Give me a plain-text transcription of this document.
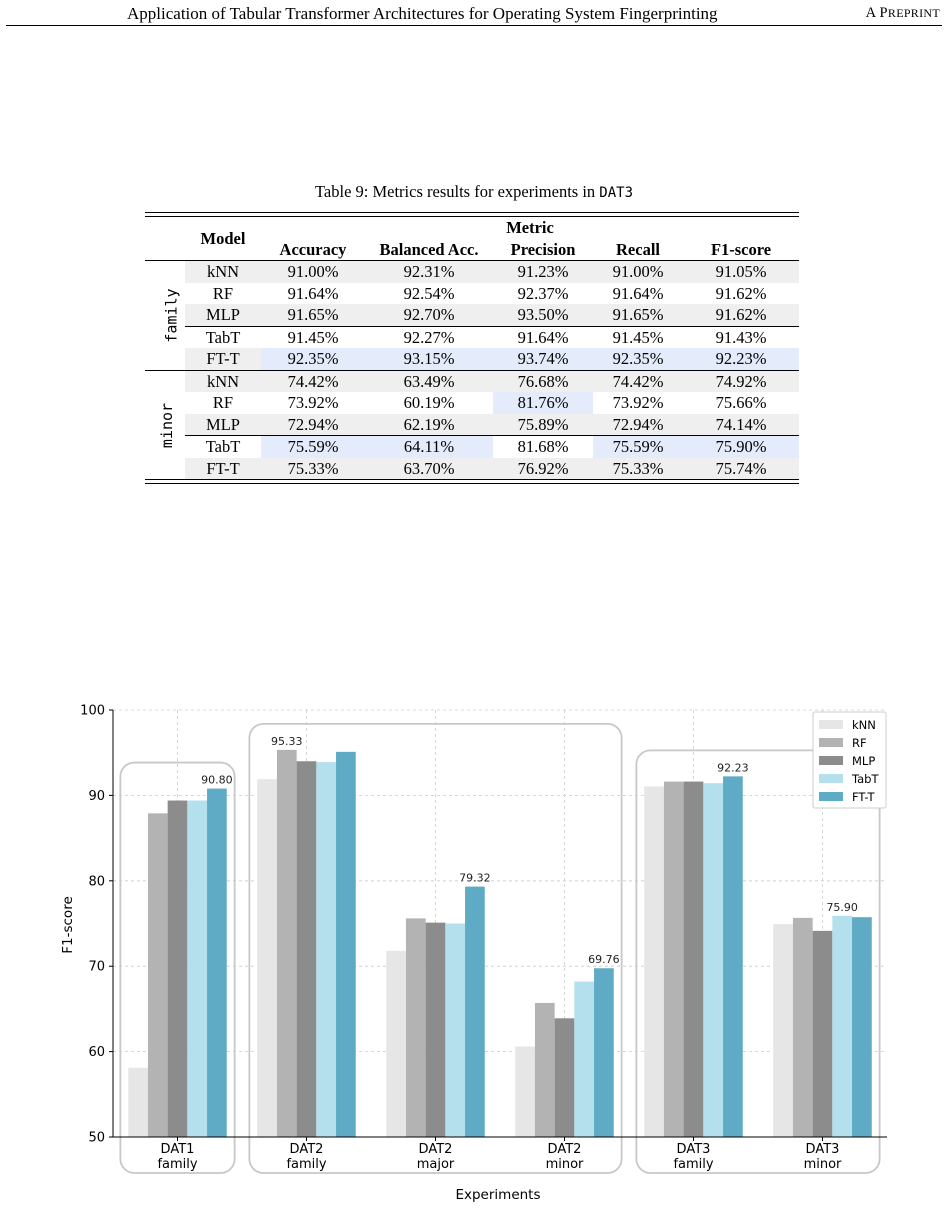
Application of Tabular Transformer Architectures for Operating System Fingerprinting	A PREPRINT
Table 9: Metrics results for experiments in DAT3
	Model	Metric				
		Accuracy	Balanced Acc.	Precision	Recall	F1-score
family	kNN	91.00%	92.31%	91.23%	91.00%	91.05%
	RF	91.64%	92.54%	92.37%	91.64%	91.62%
	MLP	91.65%	92.70%	93.50%	91.65%	91.62%
	TabT	91.45%	92.27%	91.64%	91.45%	91.43%
	FT-T	92.35%	93.15%	93.74%	92.35%	92.23%
minor	kNN	74.42%	63.49%	76.68%	74.42%	74.92%
	RF	73.92%	60.19%	81.76%	73.92%	75.66%
	MLP	72.94%	62.19%	75.89%	72.94%	74.14%
	TabT	75.59%	64.11%	81.68%	75.59%	75.90%
	FT-T	75.33%	63.70%	76.92%	75.33%	75.74%
90.80
95.33
79.32
69.76
92.23
75.90
50
60
70
80
90
100
DAT1
family
DAT2
family
DAT2
major
DAT2
minor
DAT3
family
DAT3
minor
Experiments
F1-score
kNN
RF
MLP
TabT
FT-T
